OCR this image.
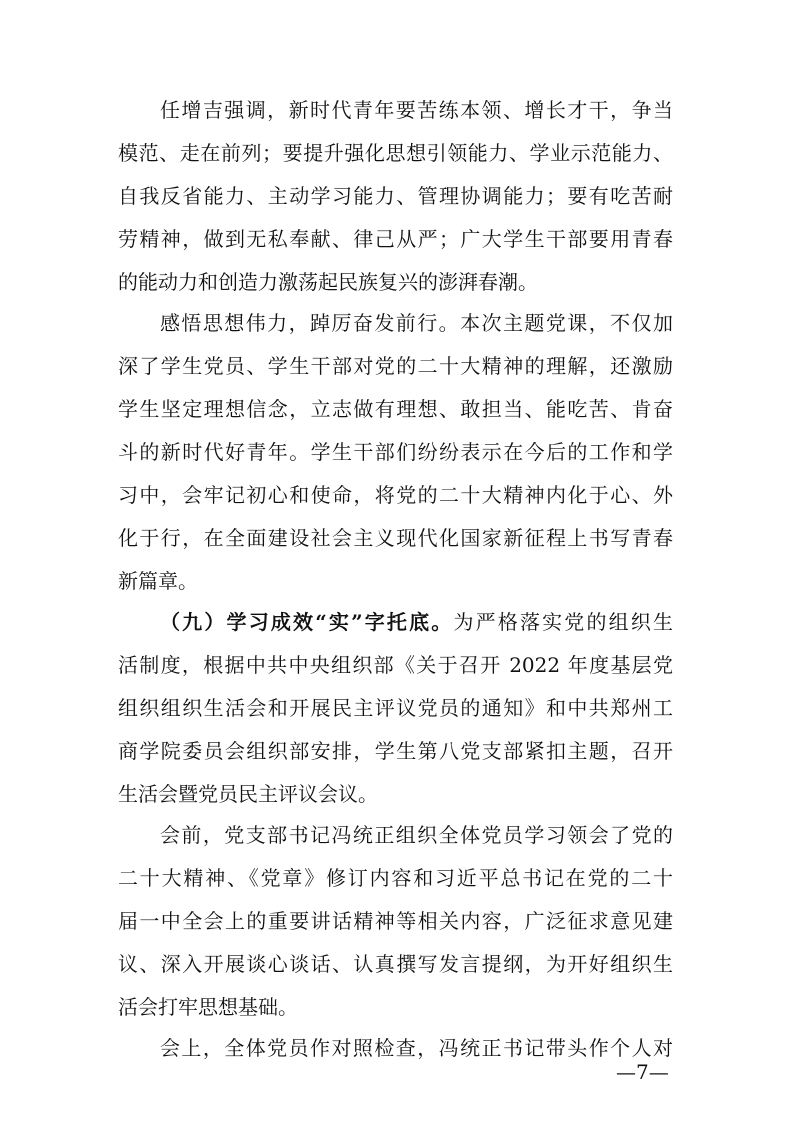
任增吉强调，新时代青年要苦练本领、增长才干，争当
模范、走在前列；要提升强化思想引领能力、学业示范能力、
自我反省能力、主动学习能力、管理协调能力；要有吃苦耐
劳精神，做到无私奉献、律己从严；广大学生干部要用青春
的能动力和创造力激荡起民族复兴的澎湃春潮。
感悟思想伟力，踔厉奋发前行。本次主题党课，不仅加
深了学生党员、学生干部对党的二十大精神的理解，还激励
学生坚定理想信念，立志做有理想、敢担当、能吃苦、肯奋
斗的新时代好青年。学生干部们纷纷表示在今后的工作和学
习中，会牢记初心和使命，将党的二十大精神内化于心、外
化于行，在全面建设社会主义现代化国家新征程上书写青春
新篇章。
（九）学习成效“实”字托底。为严格落实党的组织生
活制度，根据中共中央组织部《关于召开 2022 年度基层党
组织组织生活会和开展民主评议党员的通知》和中共郑州工
商学院委员会组织部安排，学生第八党支部紧扣主题，召开
生活会暨党员民主评议会议。
会前，党支部书记冯统正组织全体党员学习领会了党的
二十大精神、《党章》修订内容和习近平总书记在党的二十
届一中全会上的重要讲话精神等相关内容，广泛征求意见建
议、深入开展谈心谈话、认真撰写发言提纲，为开好组织生
活会打牢思想基础。
会上，全体党员作对照检查，冯统正书记带头作个人对
—7—
